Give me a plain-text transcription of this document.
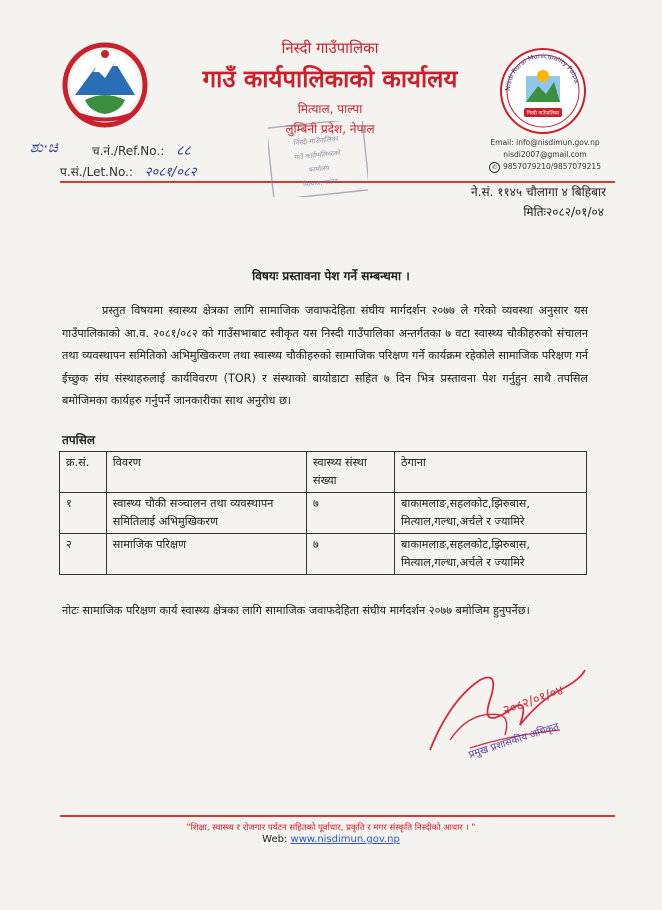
निस्दी गाउँपालिका
गाउँ कार्यपालिकाको कार्यालय
मित्याल, पाल्पा
लुम्बिनी प्रदेश, नेपाल
Nisdi Rural Municipality Palpa
निस्दी गाउँपालिका
Email: info@nisdimun.gov.np
nisdi2007@gmail.com
✆ 9857079210/9857079215
ಶು·ಚಿ	च.नं./Ref.No.: ८८
प.सं./Let.No.: २०८१/०८२
निस्दी गाउँपालिका
गाउँ कार्यपालिकाको
कार्यालय
मित्याल, पाल्पा
ने.सं. ११४५ चौलागा ४ बिहिबार
मितिः२०८२/०१/०४
विषयः प्रस्तावना पेश गर्ने सम्बन्धमा ।
प्रस्तुत विषयमा स्वास्थ्य क्षेत्रका लागि सामाजिक जवाफदेहिता संघीय मार्गदर्शन २०७७ ले गरेको व्यवस्था अनुसार यस गाउँपालिकाको आ.व. २०८१/०८२ को गाउँसभाबाट स्वीकृत यस निस्दी गाउँपालिका अन्तर्गतका ७ वटा स्वास्थ्य चौकीहरुको संचालन तथा व्यवस्थापन समितिको अभिमुखिकरण तथा स्वास्थ्य चौकीहरुको सामाजिक परिक्षण गर्ने कार्यक्रम रहेकोले सामाजिक परिक्षण गर्न ईच्छुक संघ संस्थाहरुलाई कार्यविवरण (TOR) र संस्थाको बायोडाटा सहित ७ दिन भित्र प्रस्तावना पेश गर्नुहुन साथै तपसिल बमोजिमका कार्यहरु गर्नुपर्ने जानकारीका साथ अनुरोध छ।
तपसिल
क्र.सं.	विवरण	स्वास्थ्य संस्था संख्या	ठेगाना
१	स्वास्थ्य चौकी सञ्चालन तथा व्यवस्थापन समितिलाई अभिमुखिकरण	७	बाकामलाङ,सहलकोट,झिरुबास, मित्याल,गल्धा,अर्चले र ज्यामिरे
२	सामाजिक परिक्षण	७	बाकामलाङ,सहलकोट,झिरुबास, मित्याल,गल्धा,अर्चले र ज्यामिरे
नोटः सामाजिक परिक्षण कार्य स्वास्थ्य क्षेत्रका लागि सामाजिक जवाफदेहिता संघीय मार्गदर्शन २०७७ बमोजिम हुनुपर्नेछ।
२०८२/०१/०४
प्रमुख प्रशासकीय अधिकृत
"शिक्षा, स्वास्थ्य र रोजगार पर्यटन सहितको पूर्वाधार, प्रकृति र मगर संस्कृति निस्दीको आधार । "
Web: www.nisdimun.gov.np
